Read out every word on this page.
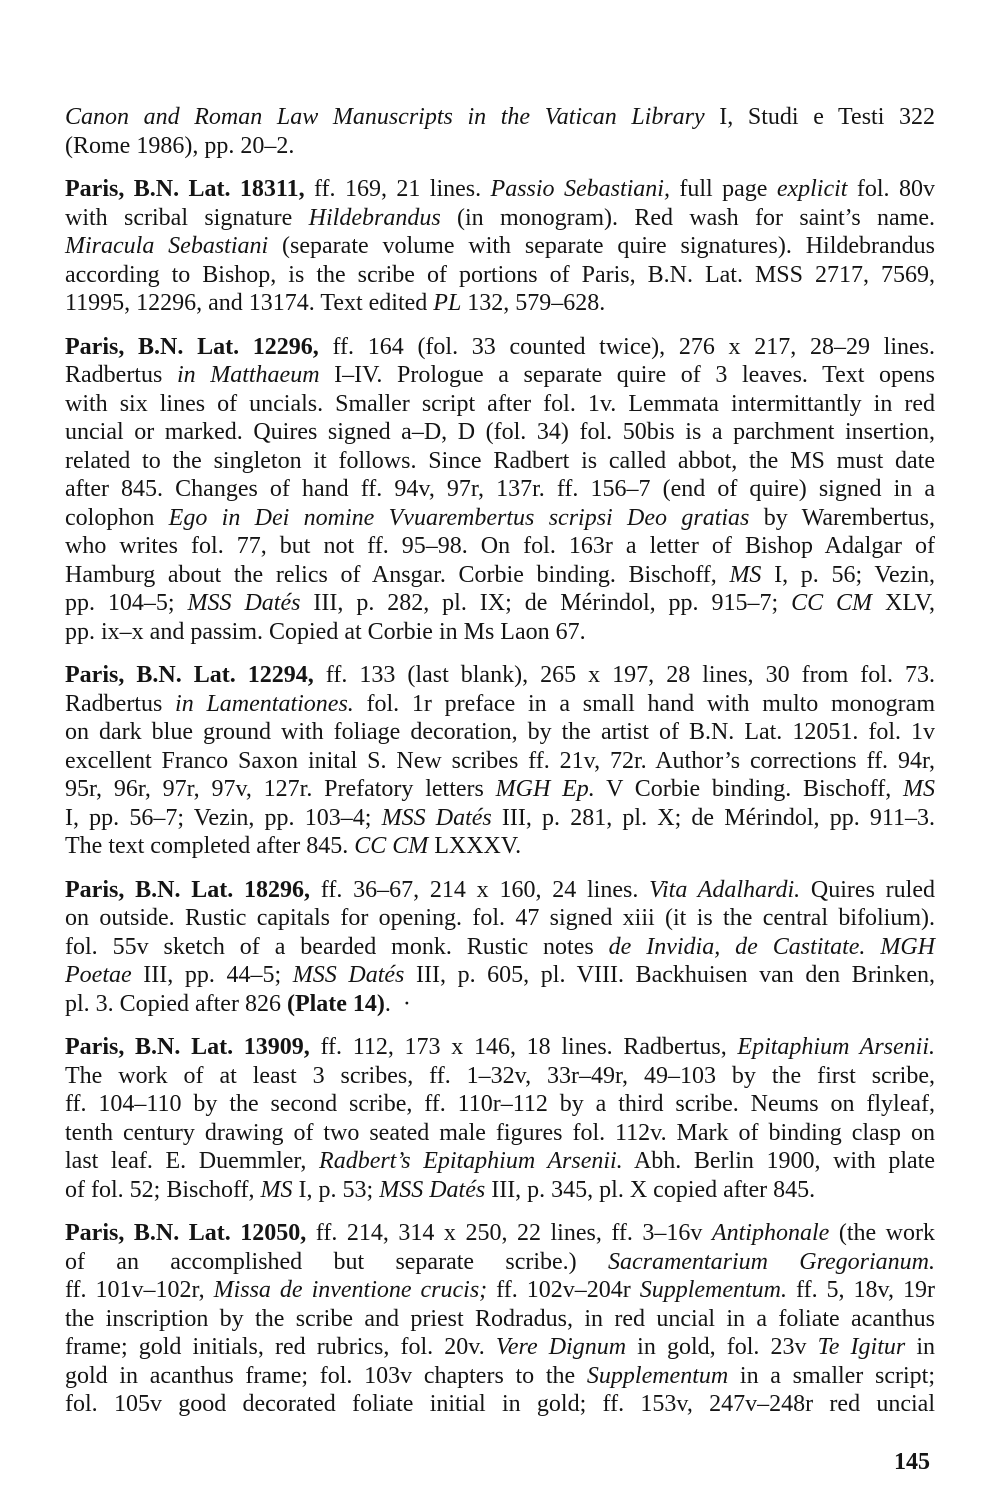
Canon and Roman Law Manuscripts in the Vatican Library I, Studi e Testi 322
(Rome 1986), pp. 20–2.
Paris, B.N. Lat. 18311, ff. 169, 21 lines. Passio Sebastiani, full page explicit fol. 80v
with scribal signature Hildebrandus (in monogram). Red wash for saint’s name.
Miracula Sebastiani (separate volume with separate quire signatures). Hildebrandus
according to Bishop, is the scribe of portions of Paris, B.N. Lat. MSS 2717, 7569,
11995, 12296, and 13174. Text edited PL 132, 579–628.
Paris, B.N. Lat. 12296, ff. 164 (fol. 33 counted twice), 276 x 217, 28–29 lines.
Radbertus in Matthaeum I–IV. Prologue a separate quire of 3 leaves. Text opens
with six lines of uncials. Smaller script after fol. 1v. Lemmata intermittantly in red
uncial or marked. Quires signed a–D, D (fol. 34) fol. 50bis is a parchment insertion,
related to the singleton it follows. Since Radbert is called abbot, the MS must date
after 845. Changes of hand ff. 94v, 97r, 137r. ff. 156–7 (end of quire) signed in a
colophon Ego in Dei nomine Vvuarembertus scripsi Deo gratias by Warembertus,
who writes fol. 77, but not ff. 95–98. On fol. 163r a letter of Bishop Adalgar of
Hamburg about the relics of Ansgar. Corbie binding. Bischoff, MS I, p. 56; Vezin,
pp. 104–5; MSS Datés III, p. 282, pl. IX; de Mérindol, pp. 915–7; CC CM XLV,
pp. ix–x and passim. Copied at Corbie in Ms Laon 67.
Paris, B.N. Lat. 12294, ff. 133 (last blank), 265 x 197, 28 lines, 30 from fol. 73.
Radbertus in Lamentationes. fol. 1r preface in a small hand with multo monogram
on dark blue ground with foliage decoration, by the artist of B.N. Lat. 12051. fol. 1v
excellent Franco Saxon inital S. New scribes ff. 21v, 72r. Author’s corrections ff. 94r,
95r, 96r, 97r, 97v, 127r. Prefatory letters MGH Ep. V Corbie binding. Bischoff, MS
I, pp. 56–7; Vezin, pp. 103–4; MSS Datés III, p. 281, pl. X; de Mérindol, pp. 911–3.
The text completed after 845. CC CM LXXXV.
Paris, B.N. Lat. 18296, ff. 36–67, 214 x 160, 24 lines. Vita Adalhardi. Quires ruled
on outside. Rustic capitals for opening. fol. 47 signed xiii (it is the central bifolium).
fol. 55v sketch of a bearded monk. Rustic notes de Invidia, de Castitate. MGH
Poetae III, pp. 44–5; MSS Datés III, p. 605, pl. VIII. Backhuisen van den Brinken,
pl. 3. Copied after 826 (Plate 14).  ·
Paris, B.N. Lat. 13909, ff. 112, 173 x 146, 18 lines. Radbertus, Epitaphium Arsenii.
The work of at least 3 scribes, ff. 1–32v, 33r–49r, 49–103 by the first scribe,
ff. 104–110 by the second scribe, ff. 110r–112 by a third scribe. Neums on flyleaf,
tenth century drawing of two seated male figures fol. 112v. Mark of binding clasp on
last leaf. E. Duemmler, Radbert’s Epitaphium Arsenii. Abh. Berlin 1900, with plate
of fol. 52; Bischoff, MS I, p. 53; MSS Datés III, p. 345, pl. X copied after 845.
Paris, B.N. Lat. 12050, ff. 214, 314 x 250, 22 lines, ff. 3–16v Antiphonale (the work
of an accomplished but separate scribe.) Sacramentarium Gregorianum.
ff. 101v–102r, Missa de inventione crucis; ff. 102v–204r Supplementum. ff. 5, 18v, 19r
the inscription by the scribe and priest Rodradus, in red uncial in a foliate acanthus
frame; gold initials, red rubrics, fol. 20v. Vere Dignum in gold, fol. 23v Te Igitur in
gold in acanthus frame; fol. 103v chapters to the Supplementum in a smaller script;
fol. 105v good decorated foliate initial in gold; ff. 153v, 247v–248r red uncial
145
